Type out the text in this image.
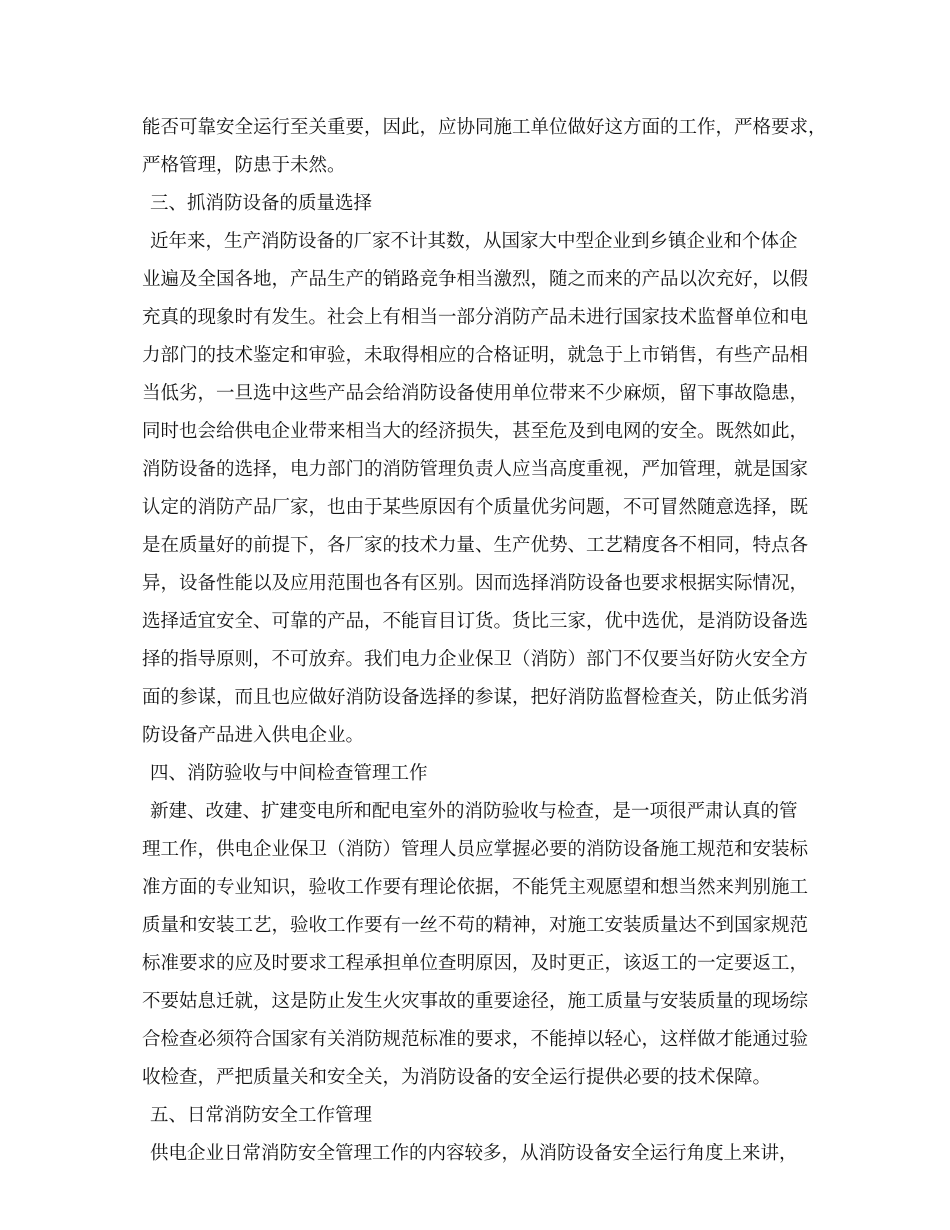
能否可靠安全运行至关重要，因此，应协同施工单位做好这方面的工作，严格要求，
严格管理，防患于未然。
三、抓消防设备的质量选择
近年来，生产消防设备的厂家不计其数，从国家大中型企业到乡镇企业和个体企
业遍及全国各地，产品生产的销路竞争相当激烈，随之而来的产品以次充好，以假
充真的现象时有发生。社会上有相当一部分消防产品未进行国家技术监督单位和电
力部门的技术鉴定和审验，未取得相应的合格证明，就急于上市销售，有些产品相
当低劣，一旦选中这些产品会给消防设备使用单位带来不少麻烦，留下事故隐患，
同时也会给供电企业带来相当大的经济损失，甚至危及到电网的安全。既然如此，
消防设备的选择，电力部门的消防管理负责人应当高度重视，严加管理，就是国家
认定的消防产品厂家，也由于某些原因有个质量优劣问题，不可冒然随意选择，既
是在质量好的前提下，各厂家的技术力量、生产优势、工艺精度各不相同，特点各
异，设备性能以及应用范围也各有区别。因而选择消防设备也要求根据实际情况，
选择适宜安全、可靠的产品，不能盲目订货。货比三家，优中选优，是消防设备选
择的指导原则，不可放弃。我们电力企业保卫（消防）部门不仅要当好防火安全方
面的参谋，而且也应做好消防设备选择的参谋，把好消防监督检查关，防止低劣消
防设备产品进入供电企业。
四、消防验收与中间检查管理工作
新建、改建、扩建变电所和配电室外的消防验收与检查，是一项很严肃认真的管
理工作，供电企业保卫（消防）管理人员应掌握必要的消防设备施工规范和安装标
准方面的专业知识，验收工作要有理论依据，不能凭主观愿望和想当然来判别施工
质量和安装工艺，验收工作要有一丝不苟的精神，对施工安装质量达不到国家规范
标准要求的应及时要求工程承担单位查明原因，及时更正，该返工的一定要返工，
不要姑息迁就，这是防止发生火灾事故的重要途径，施工质量与安装质量的现场综
合检查必须符合国家有关消防规范标准的要求，不能掉以轻心，这样做才能通过验
收检查，严把质量关和安全关，为消防设备的安全运行提供必要的技术保障。
五、日常消防安全工作管理
供电企业日常消防安全管理工作的内容较多，从消防设备安全运行角度上来讲，
